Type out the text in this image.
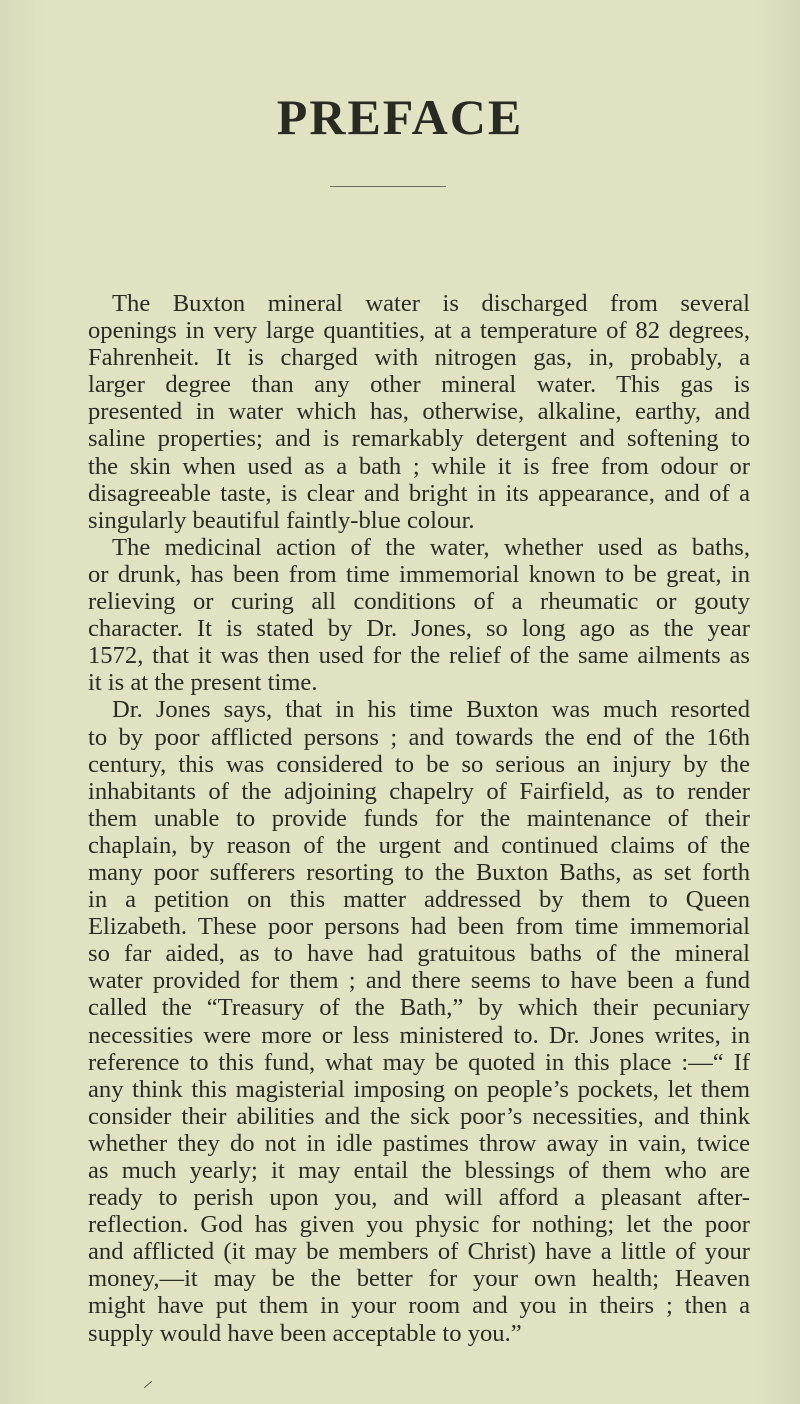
PREFACE
The Buxton mineral water is discharged from several
openings in very large quantities, at a temperature of 82 degrees,
Fahrenheit. It is charged with nitrogen gas, in, probably, a
larger degree than any other mineral water. This gas is
presented in water which has, otherwise, alkaline, earthy, and
saline properties; and is remarkably detergent and softening to
the skin when used as a bath ; while it is free from odour or
disagreeable taste, is clear and bright in its appearance, and of a
singularly beautiful faintly-blue colour.
The medicinal action of the water, whether used as baths,
or drunk, has been from time immemorial known to be great, in
relieving or curing all conditions of a rheumatic or gouty
character. It is stated by Dr. Jones, so long ago as the year
1572, that it was then used for the relief of the same ailments as
it is at the present time.
Dr. Jones says, that in his time Buxton was much resorted
to by poor afflicted persons ; and towards the end of the 16th
century, this was considered to be so serious an injury by the
inhabitants of the adjoining chapelry of Fairfield, as to render
them unable to provide funds for the maintenance of their
chaplain, by reason of the urgent and continued claims of the
many poor sufferers resorting to the Buxton Baths, as set forth
in a petition on this matter addressed by them to Queen
Elizabeth. These poor persons had been from time immemorial
so far aided, as to have had gratuitous baths of the mineral
water provided for them ; and there seems to have been a fund
called the “Treasury of the Bath,” by which their pecuniary
necessities were more or less ministered to. Dr. Jones writes, in
reference to this fund, what may be quoted in this place :—“ If
any think this magisterial imposing on people’s pockets, let them
consider their abilities and the sick poor’s necessities, and think
whether they do not in idle pastimes throw away in vain, twice
as much yearly; it may entail the blessings of them who are
ready to perish upon you, and will afford a pleasant after-
reflection. God has given you physic for nothing; let the poor
and afflicted (it may be members of Christ) have a little of your
money,—it may be the better for your own health; Heaven
might have put them in your room and you in theirs ; then a
supply would have been acceptable to you.”
